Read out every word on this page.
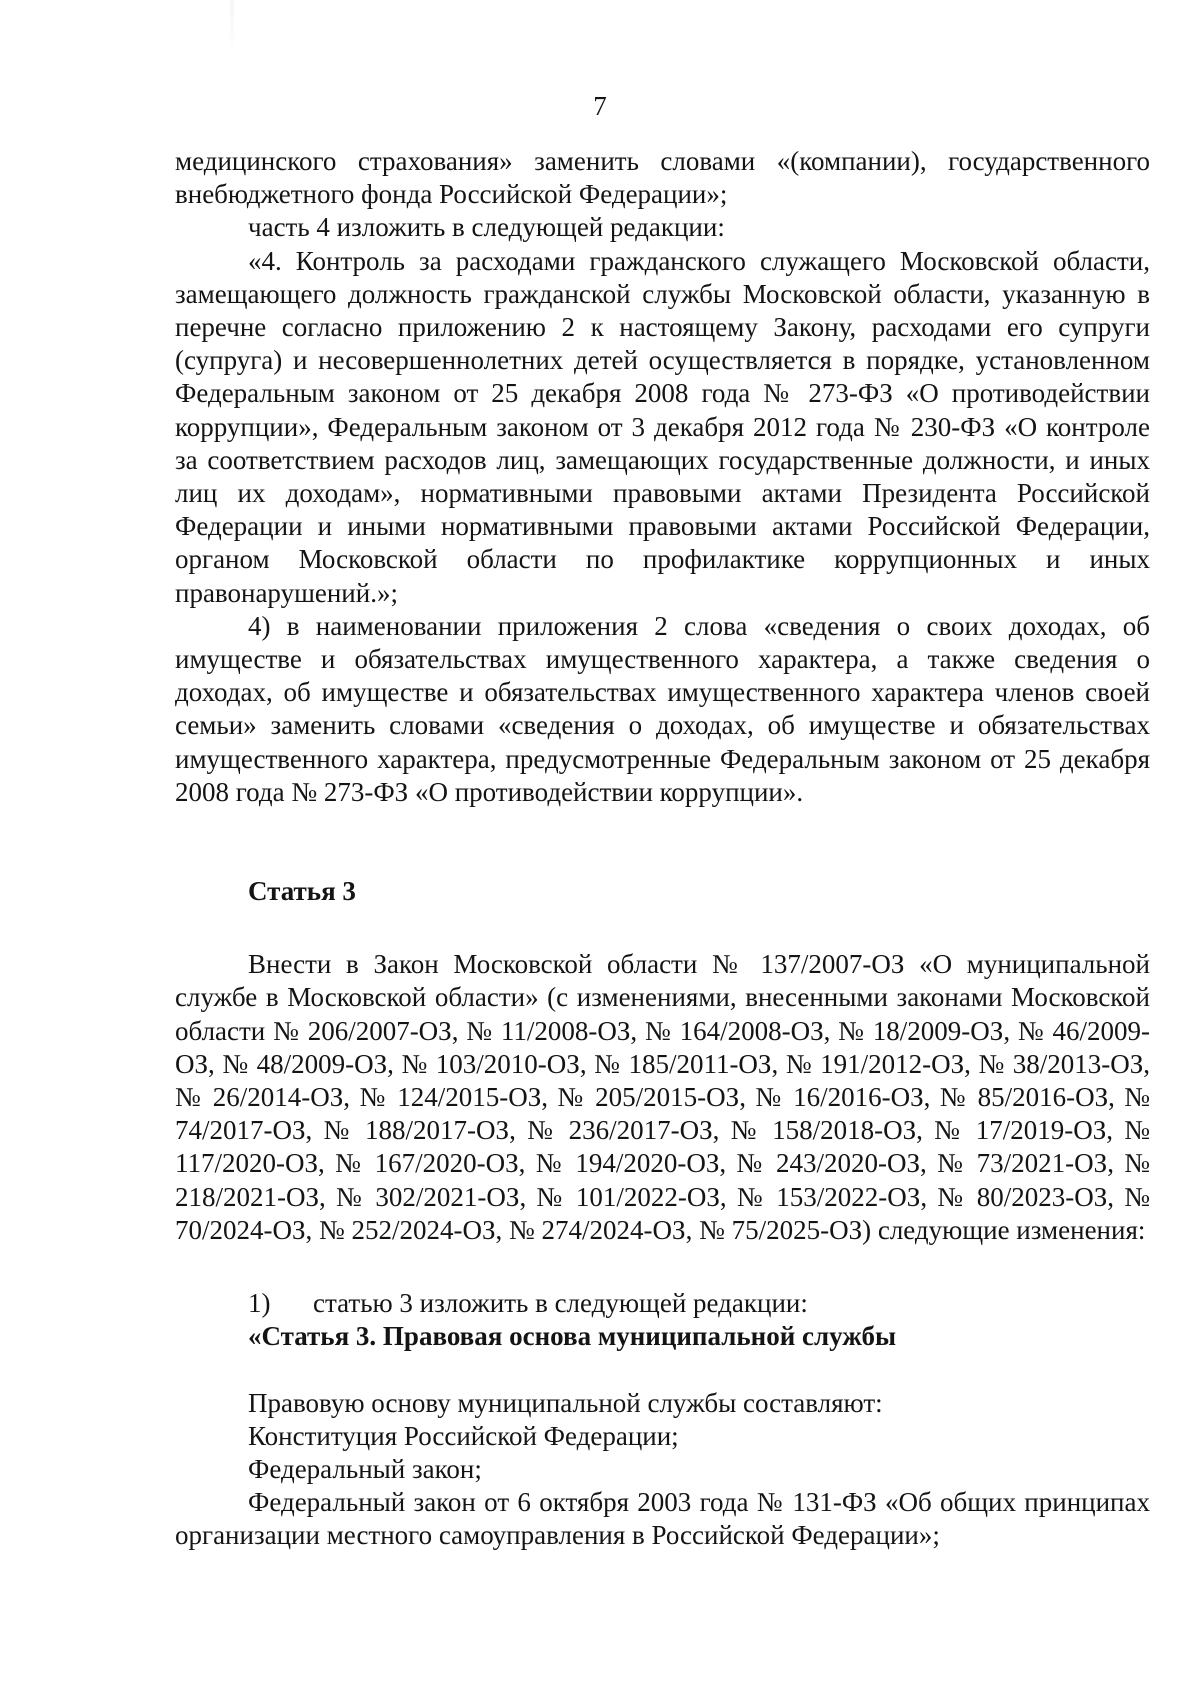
7

медицинского страхования» заменить словами «(компании), государственного внебюджетного фонда Российской Федерации»;

часть 4 изложить в следующей редакции:

«4. Контроль за расходами гражданского служащего Московской области, замещающего должность гражданской службы Московской области, указанную в перечне согласно приложению 2 к настоящему Закону, расходами его супруги (супруга) и несовершеннолетних детей осуществляется в порядке, установленном Федеральным законом от 25 декабря 2008 года № 273-ФЗ «О противодействии коррупции», Федеральным законом от 3 декабря 2012 года № 230-ФЗ «О контроле за соответствием расходов лиц, замещающих государственные должности, и иных лиц их доходам», нормативными правовыми актами Президента Российской Федерации и иными нормативными правовыми актами Российской Федерации, органом Московской области по профилактике коррупционных и иных правонарушений.»;

4) в наименовании приложения 2 слова «сведения о своих доходах, об имуществе и обязательствах имущественного характера, а также сведения о доходах, об имуществе и обязательствах имущественного характера членов своей семьи» заменить словами «сведения о доходах, об имуществе и обязательствах имущественного характера, предусмотренные Федеральным законом от 25 декабря 2008 года № 273-ФЗ «О противодействии коррупции».

Статья 3

Внести в Закон Московской области № 137/2007-ОЗ «О муниципальной службе в Московской области» (с изменениями, внесенными законами Московской области № 206/2007-ОЗ, № 11/2008-ОЗ, № 164/2008-ОЗ, № 18/2009-ОЗ, № 46/2009-ОЗ, № 48/2009-ОЗ, № 103/2010-ОЗ, № 185/2011-ОЗ, № 191/2012-ОЗ, № 38/2013-ОЗ, № 26/2014-ОЗ, № 124/2015-ОЗ, № 205/2015-ОЗ, № 16/2016-ОЗ, № 85/2016-ОЗ, № 74/2017-ОЗ, № 188/2017-ОЗ, № 236/2017-ОЗ, № 158/2018-ОЗ, № 17/2019-ОЗ, № 117/2020-ОЗ, № 167/2020-ОЗ, № 194/2020-ОЗ, № 243/2020-ОЗ, № 73/2021-ОЗ, № 218/2021-ОЗ, № 302/2021-ОЗ, № 101/2022-ОЗ, № 153/2022-ОЗ, № 80/2023-ОЗ, № 70/2024-ОЗ, № 252/2024-ОЗ, № 274/2024-ОЗ, № 75/2025-ОЗ) следующие изменения:

1) статью 3 изложить в следующей редакции:

«Статья 3. Правовая основа муниципальной службы

Правовую основу муниципальной службы составляют:

Конституция Российской Федерации;

Федеральный закон;

Федеральный закон от 6 октября 2003 года № 131-ФЗ «Об общих принципах организации местного самоуправления в Российской Федерации»;
